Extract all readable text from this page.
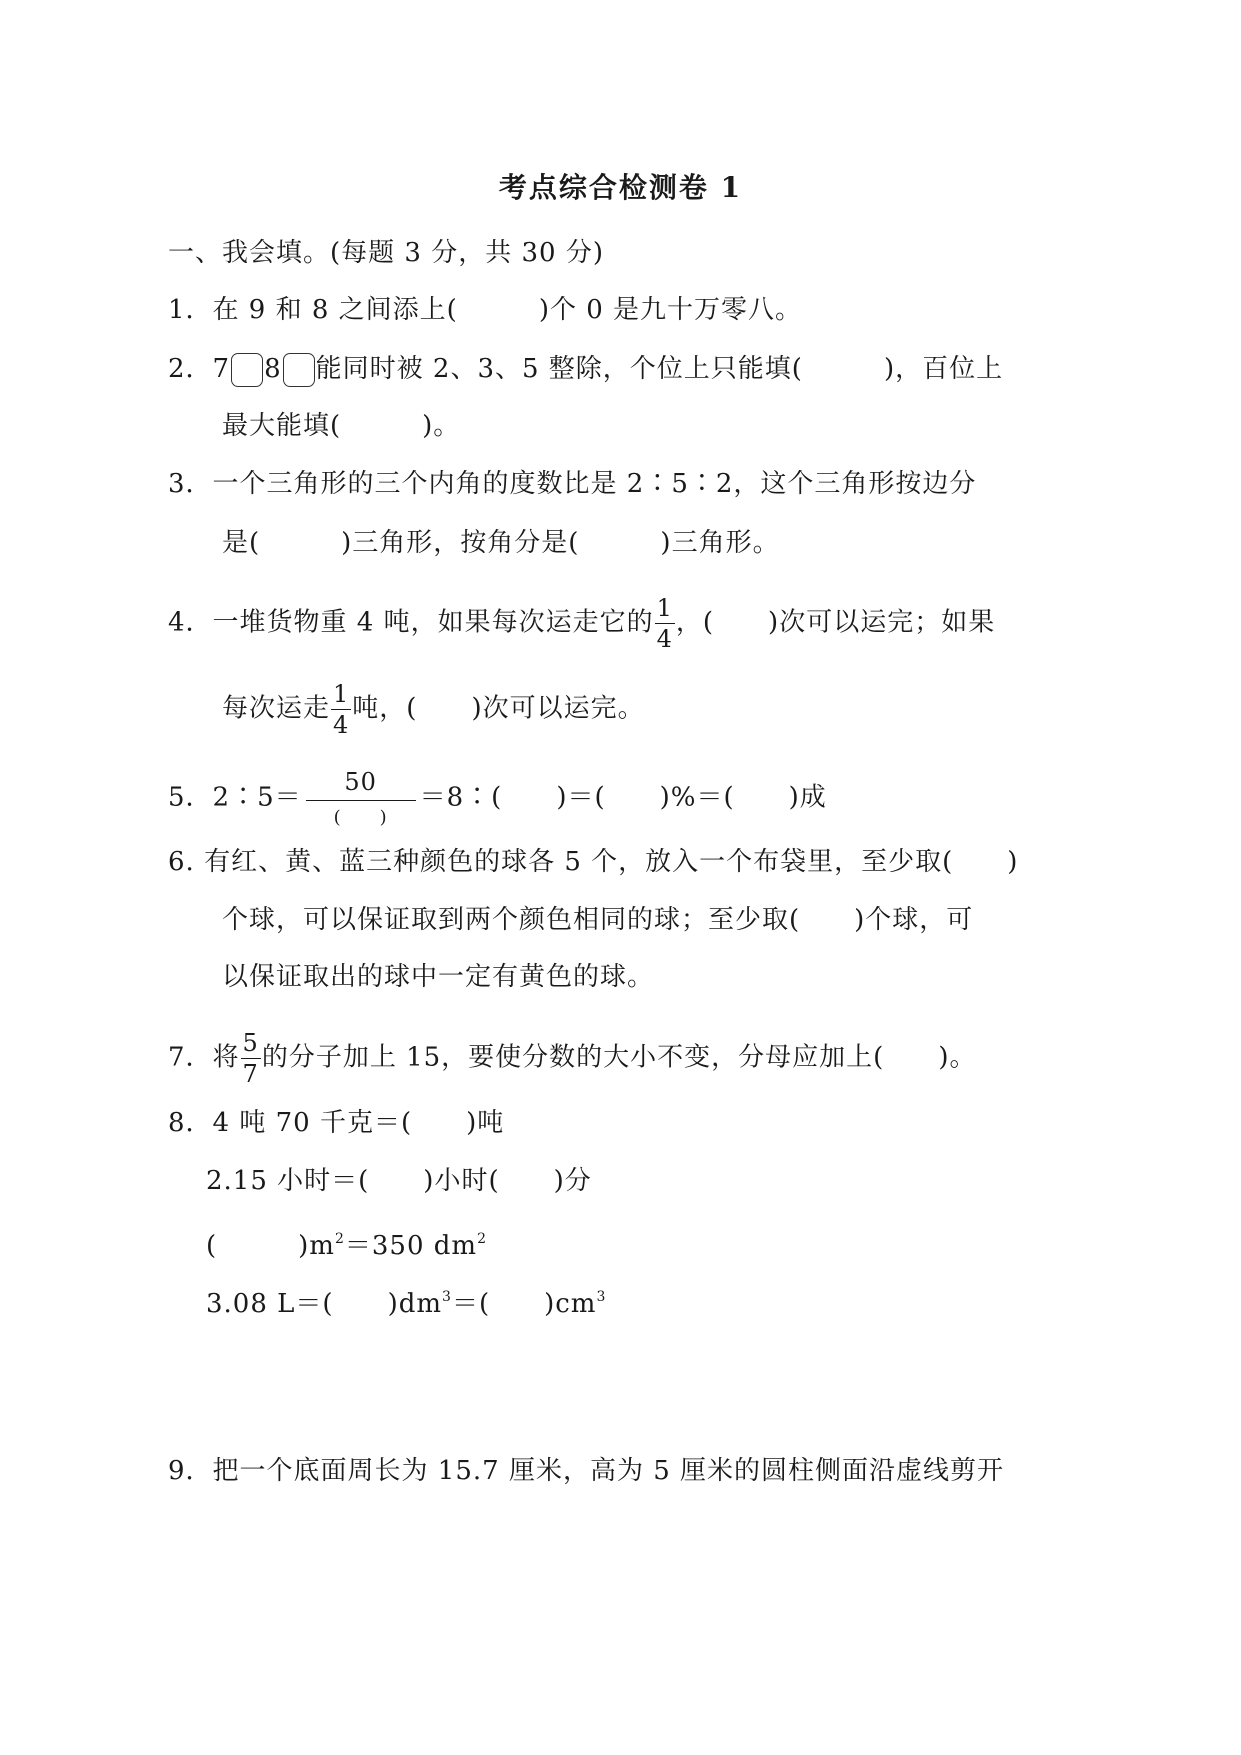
考点综合检测卷 1
一、我会填。(每题 3 分，共 30 分)
1．在 9 和 8 之间添上(　　　)个 0 是九十万零八。
2．7 8 能同时被 2、3、5 整除，个位上只能填(　　　)，百位上
最大能填(　　　)。
3．一个三角形的三个内角的度数比是 2∶5∶2，这个三角形按边分
是(　　　)三角形，按角分是(　　　)三角形。
4．一堆货物重 4 吨，如果每次运走它的 $\frac{1}{4}$ ，(　　)次可以运完；如果
每次运走 $\frac{1}{4}$ 吨，(　　)次可以运完。
5．2∶5＝ $\frac{50}{( )}$ ＝8∶(　　)＝(　　)%＝(　　)成
6. 有红、黄、蓝三种颜色的球各 5 个，放入一个布袋里，至少取(　　)
个球，可以保证取到两个颜色相同的球；至少取(　　)个球，可
以保证取出的球中一定有黄色的球。
7．将 $\frac{5}{7}$ 的分子加上 15，要使分数的大小不变，分母应加上(　　)。
8．4 吨 70 千克＝(　　)吨
2.15 小时＝(　　)小时(　　)分
(　　　)$m^2=350$ $dm^2$
3.08 L＝(　　)$dm^3=$(　　)$cm^3$
9．把一个底面周长为 15.7 厘米，高为 5 厘米的圆柱侧面沿虚线剪开
